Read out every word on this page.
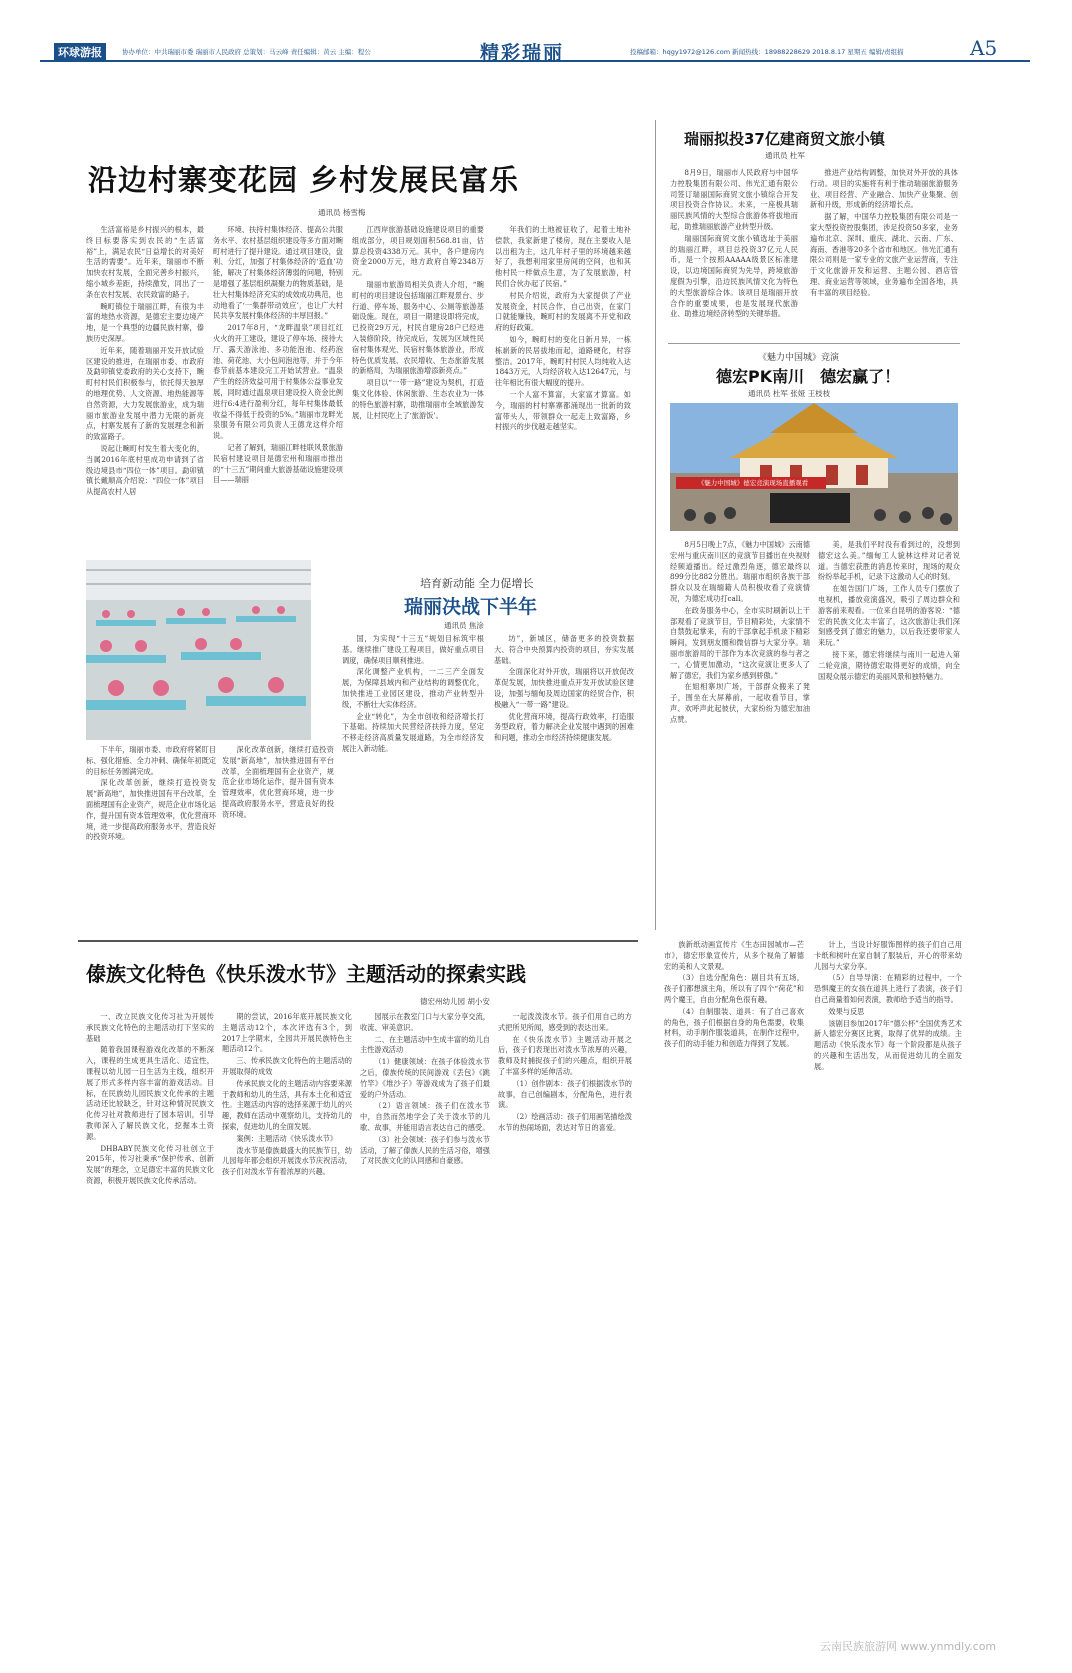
环球游报	协办单位：中共瑞丽市委 瑞丽市人民政府 总策划：马云峰 责任编辑：黄云 主编：程公	精彩瑞丽	投稿邮箱：hqgy1972@126.com 新闻热线：18988228629 2018.8.17 星期五 编辑/责组描	A5
沿边村寨变花园 乡村发展民富乐
通讯员 杨雪梅

生活富裕是乡村振兴的根本，最终目标要落实到农民的“生活富裕”上，满足农民“日益增长的对美好生活的需要”。近年来，瑞丽市不断加快农村发展，全面完善乡村振兴，缩小城乡差距，持续激发，同出了一条在农村发展、农民致富的路子。

畹町镇位于瑞丽江畔，有很为丰富的地热水资源，是德宏主要边境产地，是一个典型的边疆民族村寨，傣族历史深厚。

近年来，随着瑞丽开发开放试验区建设的推进，在瑞丽市委、市政府及勐卯镇党委政府的关心支持下，畹町村村民们积极参与，依托得天独厚的地理优势、人文资源、地热能源等自然资源，大力发展旅游业，成为瑞丽市旅游业发展中潜力无限的新亮点，村寨发展有了新的发展理念和新的致富路子。

说起让畹町村发生着大变化的，当属2016年底村里成功申请到了省级边境县市“四位一体”项目。勐卯镇镇长戴顺高介绍说：“四位一体”项目从提高农村人居

环境、扶持村集体经济、提高公共服务水平、农村基层组织建设等多方面对畹町村进行了提升建设。通过项目建设，盘利、分红，加强了村集体经济的‘造血’功能，解决了村集体经济薄弱的问题，特别是增强了基层组织凝聚力的物质基础，是壮大村集体经济充实的成效成功典范，也动地看了‘一集群带动效应’，也让广大村民共享发展村集体经济的丰厚回报。”

2017年8月，“龙畔温泉”项目红红火火的开工建设，建设了停车场、接待大厅、露天游泳池、多功能泡池、经药泡池、荷花池、大小包间泡池等，并于今年春节前基本建设完工开始试营业。“温泉产生的经济效益可用于村集体公益事业发展，同时通过温泉项目建设投入资金比例进行6:4进行盈利分红，每年村集体最低收益不得低于投资的5%。”瑞丽市龙畔光泉服务有限公司负责人王德龙这样介绍说。

记者了解到，瑞丽江畔桂联风景旅游民宿村建设项目是德宏州和瑞丽市推出的“十三五”期间重大旅游基础设施建设项目——瑞丽

江西岸旅游基础设施建设项目的重要组成部分，项目规划面积568.81亩，估算总投资4338万元。其中，各户建房内资金2000万元，地方政府自筹2348万元。

瑞丽市旅游局相关负责人介绍，“畹町村的项目建设包括瑞丽江畔观景台、步行道、停车场、服务中心、公厕等旅游基础设施。现在，项目一期建设即将完成，已投资29万元，村民自建房28户已经进入装修阶段，待完成后，发展为区域性民宿村集体观光、民宿村集体旅游业，形成特色优质发展、农民增收、生态旅游发展的新格局，为瑞丽旅游增添新亮点。”

项目以“一带一路”建设为契机，打造集文化体验、休闲旅游、生态农业为一体的特色旅游村寨，助推瑞丽市全域旅游发展，让村民吃上了‘旅游饭’。

年我们的土地被征收了，起着土地补偿款，我家新建了楼房，现在主要收入是以出租为主，这几年村子里的环境越来越好了，我想利用家里房间的空间，也和其他村民一样做点生意，为了发展旅游，村民们合伙办起了民宿。”

村民介绍说，政府为大家提供了产业发展资金，村民合作，自己出资，在家门口就能赚钱，畹町村的发展离不开党和政府的好政策。

如今，畹町村的变化日新月异，一栋栋崭新的民居拔地而起，道路硬化，村容整洁。2017年，畹町村村民人均纯收入达1843万元，人均经济收入达12647元，与往年相比有很大幅度的提升。

一个人富不算富，大家富才算富。如今，瑞丽的村村寨寨都涌现出一批新的致富带头人，带领群众一起走上致富路，乡村振兴的步伐越走越坚实。

瑞丽拟投37亿建商贸文旅小镇
通讯员 杜军

8月9日，瑞丽市人民政府与中国华力控股集团有限公司、伟光汇通有限公司签订瑞丽国际商贸文旅小镇综合开发项目投资合作协议。未来，一座极具瑞丽民族风情的大型综合旅游体将拔地而起，助推瑞丽旅游产业转型升级。

瑞丽国际商贸文旅小镇选址于美丽的瑞丽江畔，项目总投资37亿元人民币，是一个按照AAAAA级景区标准建设，以边境国际商贸为先导，跨境旅游度假为引擎，沿边民族风情文化为特色的大型旅游综合体。该项目是瑞丽开放合作的重要成果，也是发展现代旅游业、助推边境经济转型的关键举措。

推进产业结构调整，加快对外开放的具体行动。项目的实施将有利于推动瑞丽旅游服务业、项目经营、产业融合、加快产业集聚、创新和升级，形成新的经济增长点。

据了解，中国华力控股集团有限公司是一家大型投资控股集团，涉足投资50多家，业务遍布北京、深圳、重庆、湖北、云南、广东、海南、香港等20多个省市和地区。伟光汇通有限公司则是一家专业的文旅产业运营商，专注于文化旅游开发和运营、主题公园、酒店管理、商业运营等领域，业务遍布全国各地，具有丰富的项目经验。

《魅力中国城》竞演
德宏PK南川　德宏赢了！
通讯员 杜军 张娅 王枝枝
《魅力中国城》德宏竞演现场直播观看

8月5日晚上7点，《魅力中国城》云南德宏州与重庆南川区的竞演节目播出在央视财经频道播出。经过激烈角逐，德宏最终以899分比882分胜出。瑞丽市组织各族干部群众以及在瑞缅籍人员积极收看了竞演情况，为德宏成功打call。

在政务服务中心，全市实时刷新以上干部观看了竞演节目，节目精彩处，大家情不自禁鼓起掌来，有的干部拿起手机录下精彩瞬间，发到朋友圈和微信群与大家分享。瑞丽市旅游局的干部作为本次竞演的参与者之一，心情更加激动，“这次竞演让更多人了解了德宏，我们为家乡感到骄傲。”

在姐相寨坝广场，干部群众搬来了凳子，围坐在大屏幕前，一起收看节目，掌声、欢呼声此起彼伏，大家纷纷为德宏加油点赞。

美，是我们平时没有看到过的，没想到德宏这么美。”缅甸工人貌林这样对记者说道。当德宏获胜的消息传来时，现场的观众纷纷举起手机，记录下这激动人心的时刻。

在姐告国门广场，工作人员专门摆放了电视机，播放竞演盛况，吸引了周边群众和游客前来观看。一位来自昆明的游客说：“德宏的民族文化太丰富了，这次旅游让我们深刻感受到了德宏的魅力，以后我还要带家人来玩。”

接下来，德宏将继续与南川一起进入第二轮竞演，期待德宏取得更好的成绩，向全国观众展示德宏的美丽风景和独特魅力。

培育新动能 全力促增长
瑞丽决战下半年
通讯员 焦涂

下半年，瑞丽市委、市政府将紧盯目标、强化措施、全力冲刺、确保年初既定的目标任务圆满完成。

深化改革创新，继续打造投资发展“新高地”，加快推进国有平台改革，全面梳理国有企业资产，规范企业市场化运作，提升国有资本管理效率，优化营商环境，进一步提高政府服务水平，营造良好的投资环境。

国，为实现“十三五”规划目标筑牢根基。继续推广建设工程项目，做好重点项目调度，确保项目顺利推进。

深化调整产业机构，一二三产全面发展，为保障县域内和产业结构的调整优化，加快推进工业园区建设，推动产业转型升级，不断壮大实体经济。

企业“转化”，为全市创收和经济增长打下基础。持续加大民营经济扶持力度，坚定不移走经济高质量发展道路，为全市经济发展注入新动能。

坊”，新城区，储备更多的投资数据大、符合中央预算内投资的项目，夯实发展基础。

全面深化对外开放，瑞丽将以开放促改革促发展，加快推进重点开发开放试验区建设，加强与缅甸及周边国家的经贸合作，积极融入“一带一路”建设。

优化营商环境，提高行政效率，打造服务型政府，着力解决企业发展中遇到的困难和问题，推动全市经济持续健康发展。

深化改革创新，继续打造投资发展“新高地”，加快推进国有平台改革，全面梳理国有企业资产，规范企业市场化运作，提升国有资本管理效率，优化营商环境，进一步提高政府服务水平，营造良好的投资环境。

傣族文化特色《快乐泼水节》主题活动的探索实践
德宏州幼儿园 胡小安

一、改立民族文化传习社为开展传承民族文化特色的主题活动打下坚实的基础

随着我国课程游戏化改革的不断深入，课程的生成更具生活化、适宜性，课程以幼儿园一日生活为主线，组织开展了形式多样内容丰富的游戏活动。目标，在民族幼儿园民族文化传承的主题活动还比较缺乏，针对这种情况民族文化传习社对教师进行了园本培训，引导教师深入了解民族文化，挖掘本土资源。

DHBABY民族文化传习社创立于2015年，传习社秉承“保护传承、创新发展”的理念，立足德宏丰富的民族文化资源，积极开展民族文化传承活动。

期的尝试，2016年底开展民族文化主题活动12个，本次评选有3个，到2017上学期末，全园共开展民族特色主题活动12个。

三、传承民族文化特色的主题活动的开展取得的成效

传承民族文化的主题活动内容要来源于教师和幼儿的生活，具有本土化和适宜性。主题活动内容的选择来源于幼儿的兴趣，教师在活动中观察幼儿，支持幼儿的探索，促进幼儿的全面发展。

案例：主题活动《快乐泼水节》

泼水节是傣族最盛大的民族节日，幼儿园每年都会组织开展泼水节庆祝活动，孩子们对泼水节有着浓厚的兴趣。

园展示在教室门口与大家分享交流，收流、审美意识。

二、在主题活动中生成丰富的幼儿自主性游戏活动

（1）健康领域：在孩子体验泼水节之后，傣族传统的民间游戏《丢包》《跳竹竿》《堆沙子》等游戏成为了孩子们最爱的户外活动。

（2）语言领域：孩子们在泼水节中，自然而然地学会了关于泼水节的儿歌、故事，并能用语言表达自己的感受。

（3）社会领域：孩子们参与泼水节活动，了解了傣族人民的生活习俗，增强了对民族文化的认同感和自豪感。

一起泼泼泼水节。孩子们用自己的方式把所见所闻，感受到的表达出来。

在《快乐泼水节》主题活动开展之后，孩子们表现出对泼水节浓厚的兴趣，教师及时捕捉孩子们的兴趣点，组织开展了丰富多样的延伸活动。

（1）创作剧本：孩子们根据泼水节的故事，自己创编剧本，分配角色，进行表演。

（2）绘画活动：孩子们用画笔描绘泼水节的热闹场面，表达对节日的喜爱。

族新纸动画宣传片《生态田园城市—芒市》，德宏形象宣传片，从多个视角了解德宏的美和人文景观。

（3）自选分配角色：剧目共有五场，孩子们都想演主角，所以有了四个“荷花”和两个魔王，自由分配角色很有趣。

（4）自制服装、道具：有了自己喜欢的角色，孩子们根据自身的角色需要，收集材料，动手制作服装道具，在制作过程中，孩子们的动手能力和创造力得到了发展。

计上，当设计好服饰图样的孩子们自己用卡纸和树叶在家自制了服装后，开心的带来幼儿园与大家分享。

（5）自导导演：在精彩的过程中，一个恐惧魔王的女孩在道具上进行了表演，孩子们自己商量着如何表演，教师给予适当的指导。

效果与反思

该剧目参加2017年“德公杯”全国优秀艺术新人德宏分赛区比赛，取得了优异的成绩。主题活动《快乐泼水节》每一个阶段都是从孩子的兴趣和生活出发，从而促进幼儿的全面发展。

云南民族旅游网 www.ynmdly.com
